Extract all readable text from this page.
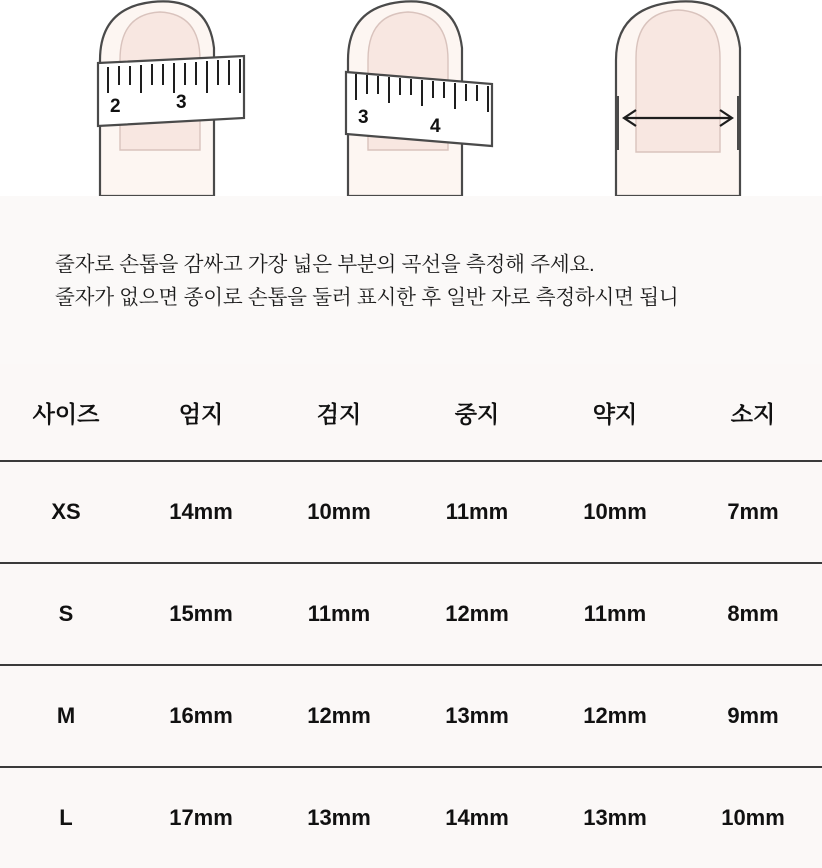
2	3
3	4
줄자로 손톱을 감싸고 가장 넓은 부분의 곡선을 측정해 주세요.
줄자가 없으면 종이로 손톱을 둘러 표시한 후 일반 자로 측정하시면 됩니
사이즈	엄지	검지	중지	약지	소지
XS	14mm	10mm	11mm	10mm	7mm
S	15mm	11mm	12mm	11mm	8mm
M	16mm	12mm	13mm	12mm	9mm
L	17mm	13mm	14mm	13mm	10mm
